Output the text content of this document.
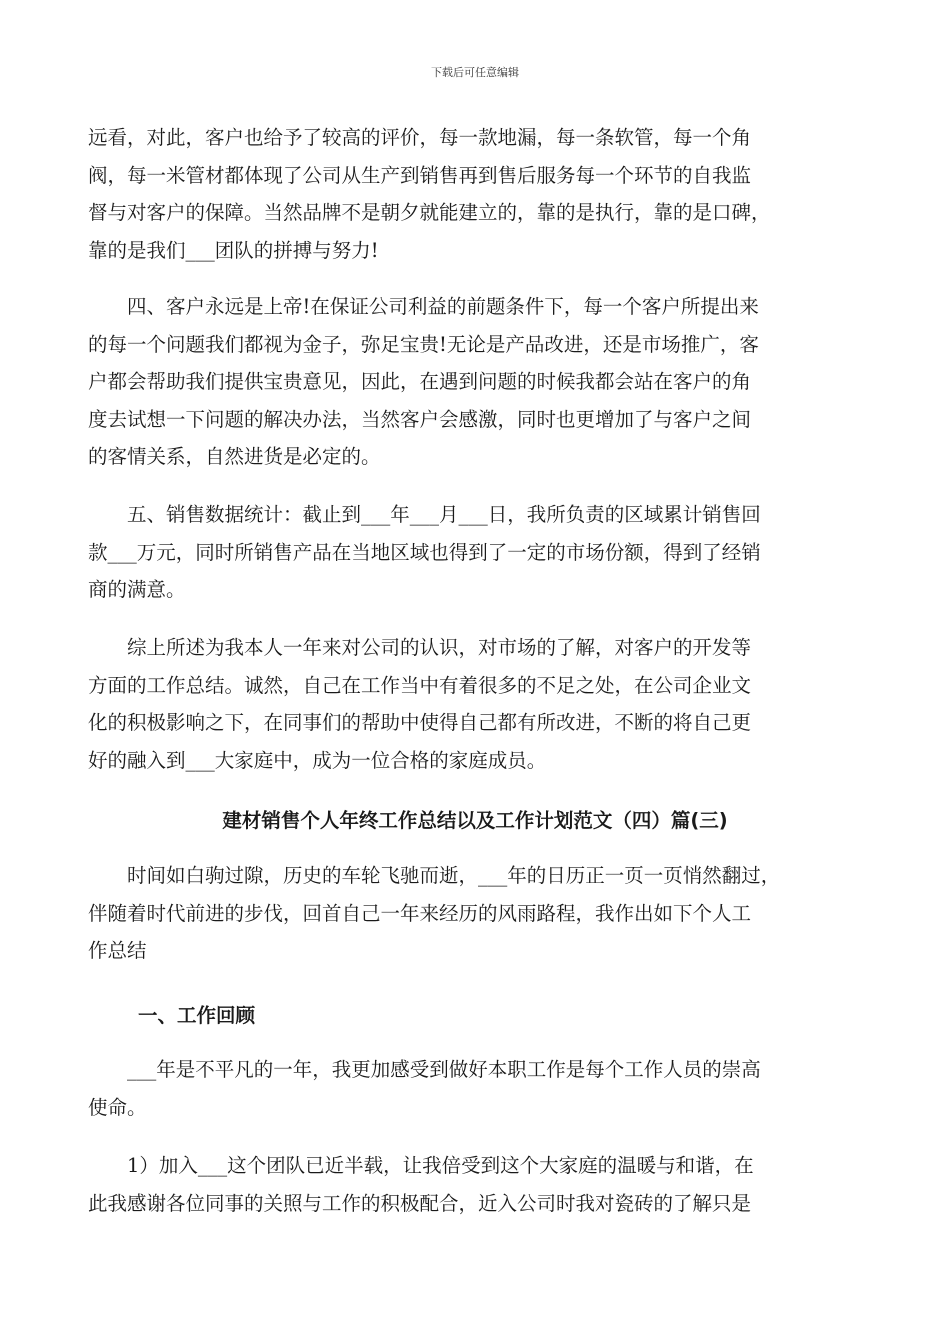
下载后可任意编辑
远看，对此，客户也给予了较高的评价，每一款地漏，每一条软管，每一个角
阀，每一米管材都体现了公司从生产到销售再到售后服务每一个环节的自我监
督与对客户的保障。当然品牌不是朝夕就能建立的，靠的是执行，靠的是口碑，
靠的是我们___团队的拼搏与努力!
　　四、客户永远是上帝!在保证公司利益的前题条件下，每一个客户所提出来
的每一个问题我们都视为金子，弥足宝贵!无论是产品改进，还是市场推广，客
户都会帮助我们提供宝贵意见，因此，在遇到问题的时候我都会站在客户的角
度去试想一下问题的解决办法，当然客户会感激，同时也更增加了与客户之间
的客情关系，自然进货是必定的。
　　五、销售数据统计：截止到___年___月___日，我所负责的区域累计销售回
款___万元，同时所销售产品在当地区域也得到了一定的市场份额，得到了经销
商的满意。
　　综上所述为我本人一年来对公司的认识，对市场的了解，对客户的开发等
方面的工作总结。诚然，自己在工作当中有着很多的不足之处，在公司企业文
化的积极影响之下，在同事们的帮助中使得自己都有所改进，不断的将自己更
好的融入到___大家庭中，成为一位合格的家庭成员。
建材销售个人年终工作总结以及工作计划范文（四）篇(三)
　　时间如白驹过隙，历史的车轮飞驰而逝，___年的日历正一页一页悄然翻过，
伴随着时代前进的步伐，回首自己一年来经历的风雨路程，我作出如下个人工
作总结
一、工作回顾
　　___年是不平凡的一年，我更加感受到做好本职工作是每个工作人员的崇高
使命。
　　1）加入___这个团队已近半载，让我倍受到这个大家庭的温暖与和谐，在
此我感谢各位同事的关照与工作的积极配合，近入公司时我对瓷砖的了解只是
